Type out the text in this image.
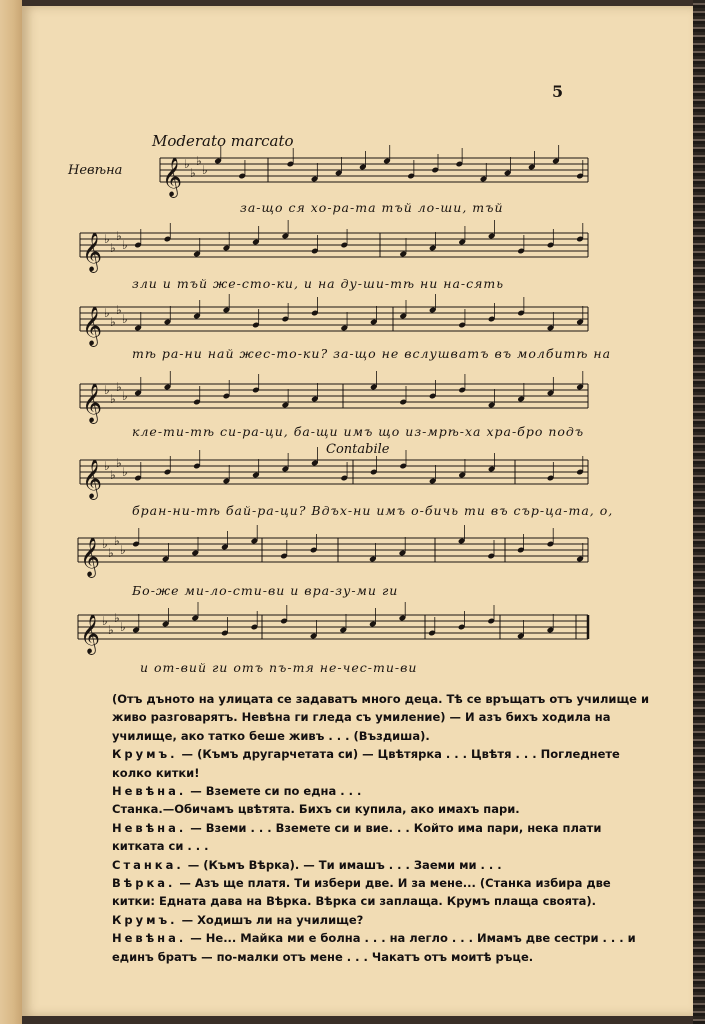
5
Moderato marcato
Невѣна
Contabile
𝄞 ♭
♭
♭
♭
𝄞 ♭
♭
♭
♭
𝄞 ♭
♭
♭
♭
𝄞 ♭
♭
♭
♭
𝄞 ♭
♭
♭
♭
𝄞 ♭
♭
♭
♭
𝄞 ♭
♭
♭
♭
за-що ся хо-ра-та тъй ло-ши, тъй
зли и тъй же-сто-ки, и на ду-ши-тѣ ни на-сять
тѣ ра-ни най жес-то-ки? за-що не вслушватъ въ молбитѣ на
кле-ти-тѣ си-ра-ци, ба-щи имъ що из-мрѣ-ха хра-бро подъ
бран-ни-тѣ бай-ра-ци? Вдъх-ни имъ о-бичь ти въ сър-ца-та, о,
Бо-же ми-ло-сти-ви и вра-зу-ми ги
и от-вий ги отъ пъ-тя не-чес-ти-ви

(Отъ дъното на улицата се задаватъ много деца. Тѣ се връщатъ отъ училище и живо разговарятъ. Невѣна ги гледа съ умиление) — И азъ бихъ ходила на училище, ако татко беше живъ . . . (Въздиша).

Крумъ. — (Къмъ другарчетата си) — Цвѣтярка . . . Цвѣтя . . . Погледнете колко китки!

Невѣна. — Вземете си по една . . .

Станка.—Обичамъ цвѣтята. Бихъ си купила, ако имахъ пари.

Невѣна. — Вземи . . . Вземете си и вие. . . Който има пари, нека плати китката си . . .

Станка. — (Къмъ Вѣрка). — Ти имашъ . . . Заеми ми . . .

Вѣрка. — Азъ ще платя. Ти избери две. И за мене... (Станка избира две китки: Едната дава на Вѣрка. Вѣрка си заплаща. Крумъ плаща своята).

Крумъ. — Ходишъ ли на училище?

Невѣна. — Не... Майка ми е болна . . . на легло . . . Имамъ две сестри . . . и единъ братъ — по-малки отъ мене . . . Чакатъ отъ моитѣ ръце.
